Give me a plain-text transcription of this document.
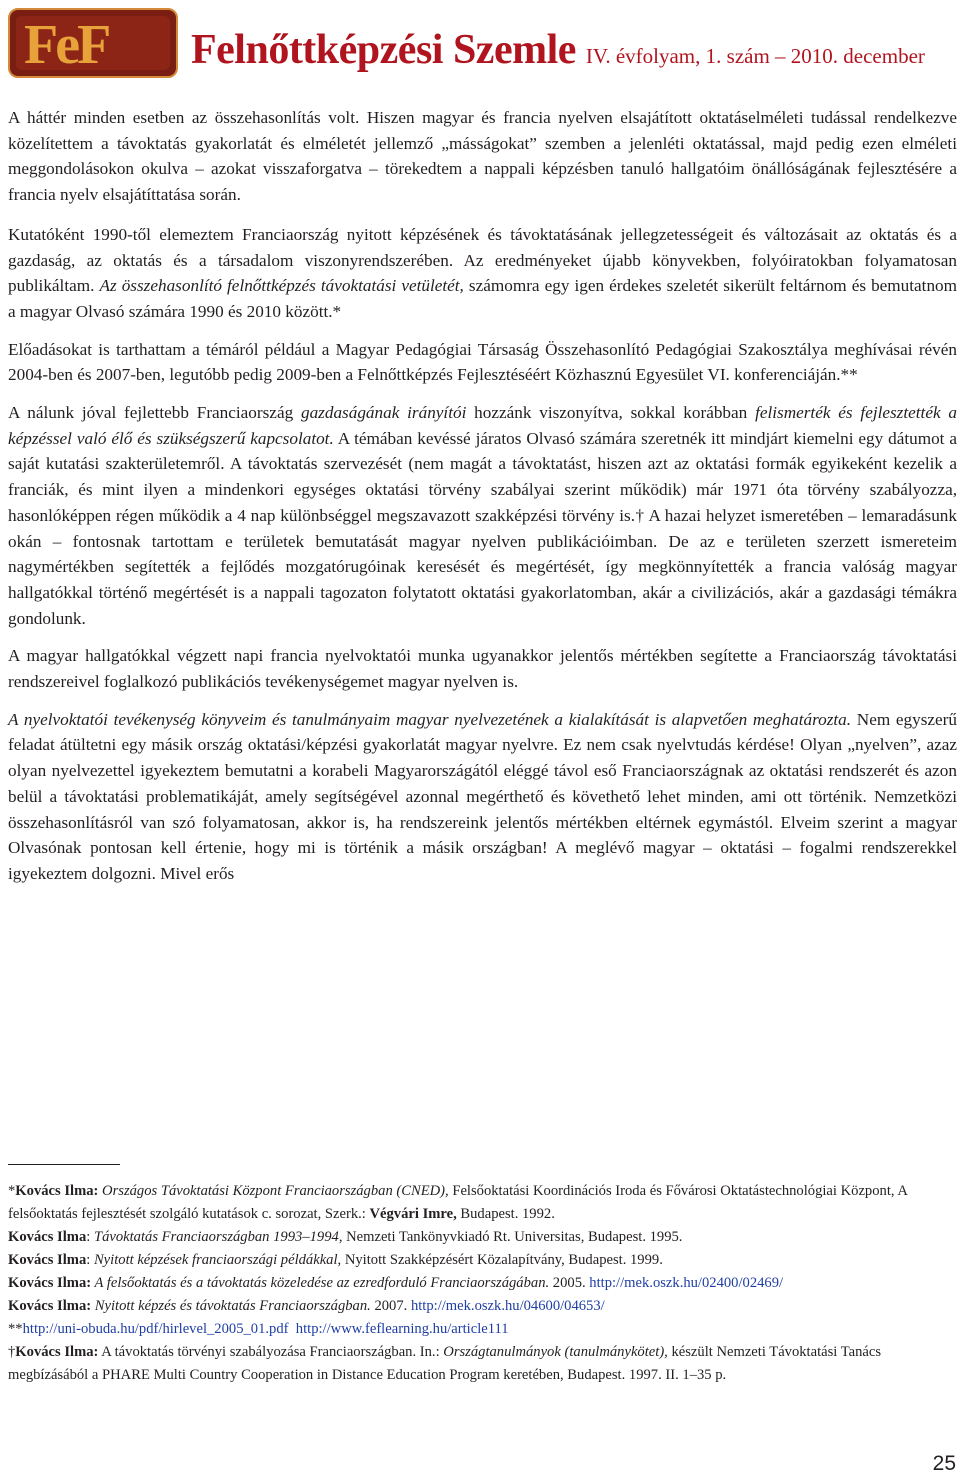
FeF Felnőttképzési Szemle IV. évfolyam, 1. szám – 2010. december

A háttér minden esetben az összehasonlítás volt. Hiszen magyar és francia nyelven elsajátított oktatáselméleti tudással rendelkezve közelítettem a távoktatás gyakorlatát és elméletét jellemző „másságokat” szemben a jelenléti oktatással, majd pedig ezen elméleti meggondolásokon okulva – azokat visszaforgatva – törekedtem a nappali képzésben tanuló hallgatóim önállóságának fejlesztésére a francia nyelv elsajátíttatása során.

Kutatóként 1990-től elemeztem Franciaország nyitott képzésének és távoktatásának jellegzetességeit és változásait az oktatás és a gazdaság, az oktatás és a társadalom viszonyrendszerében. Az eredményeket újabb könyvekben, folyóiratokban folyamatosan publikáltam. Az összehasonlító felnőttképzés távoktatási vetületét, számomra egy igen érdekes szeletét sikerült feltárnom és bemutatnom a magyar Olvasó számára 1990 és 2010 között.*

Előadásokat is tarthattam a témáról például a Magyar Pedagógiai Társaság Összehasonlító Pedagógiai Szakosztálya meghívásai révén 2004-ben és 2007-ben, legutóbb pedig 2009-ben a Felnőttképzés Fejlesztéséért Közhasznú Egyesület VI. konferenciáján.**

A nálunk jóval fejlettebb Franciaország gazdaságának irányítói hozzánk viszonyítva, sokkal korábban felismerték és fejlesztették a képzéssel való élő és szükségszerű kapcsolatot. A témában kevéssé járatos Olvasó számára szeretnék itt mindjárt kiemelni egy dátumot a saját kutatási szakterületemről. A távoktatás szervezését (nem magát a távoktatást, hiszen azt az oktatási formák egyikeként kezelik a franciák, és mint ilyen a mindenkori egységes oktatási törvény szabályai szerint működik) már 1971 óta törvény szabályozza, hasonlóképpen régen működik a 4 nap különbséggel megszavazott szakképzési törvény is.† A hazai helyzet ismeretében – lemaradásunk okán – fontosnak tartottam e területek bemutatását magyar nyelven publikációimban. De az e területen szerzett ismereteim nagymértékben segítették a fejlődés mozgatórugóinak keresését és megértését, így megkönnyítették a francia valóság magyar hallgatókkal történő megértését is a nappali tagozaton folytatott oktatási gyakorlatomban, akár a civilizációs, akár a gazdasági témákra gondolunk.

A magyar hallgatókkal végzett napi francia nyelvoktatói munka ugyanakkor jelentős mértékben segítette a Franciaország távoktatási rendszereivel foglalkozó publikációs tevékenységemet magyar nyelven is.

A nyelvoktatói tevékenység könyveim és tanulmányaim magyar nyelvezetének a kialakítását is alapvetően meghatározta. Nem egyszerű feladat átültetni egy másik ország oktatási/képzési gyakorlatát magyar nyelvre. Ez nem csak nyelvtudás kérdése! Olyan „nyelven”, azaz olyan nyelvezettel igyekeztem bemutatni a korabeli Magyarországától eléggé távol eső Franciaországnak az oktatási rendszerét és azon belül a távoktatási problematikáját, amely segítségével azonnal megérthető és követhető lehet minden, ami ott történik. Nemzetközi összehasonlításról van szó folyamatosan, akkor is, ha rendszereink jelentős mértékben eltérnek egymástól. Elveim szerint a magyar Olvasónak pontosan kell értenie, hogy mi is történik a másik országban! A meglévő magyar – oktatási – fogalmi rendszerekkel igyekeztem dolgozni. Mivel erős

*Kovács Ilma: Országos Távoktatási Központ Franciaországban (CNED), Felsőoktatási Koordinációs Iroda és Fővárosi Oktatástechnológiai Központ, A felsőoktatás fejlesztését szolgáló kutatások c. sorozat, Szerk.: Végvári Imre, Budapest. 1992.
Kovács Ilma: Távoktatás Franciaországban 1993–1994, Nemzeti Tankönyvkiadó Rt. Universitas, Budapest. 1995.
Kovács Ilma: Nyitott képzések franciaországi példákkal, Nyitott Szakképzésért Közalapítvány, Budapest. 1999.
Kovács Ilma: A felsőoktatás és a távoktatás közeledése az ezredforduló Franciaországában. 2005. http://mek.oszk.hu/02400/02469/
Kovács Ilma: Nyitott képzés és távoktatás Franciaországban. 2007. http://mek.oszk.hu/04600/04653/
**http://uni-obuda.hu/pdf/hirlevel_2005_01.pdf http://www.feflearning.hu/article111
†Kovács Ilma: A távoktatás törvényi szabályozása Franciaországban. In.: Országtanulmányok (tanulmánykötet), készült Nemzeti Távoktatási Tanács megbízásából a PHARE Multi Country Cooperation in Distance Education Program keretében, Budapest. 1997. II. 1–35 p.
25
